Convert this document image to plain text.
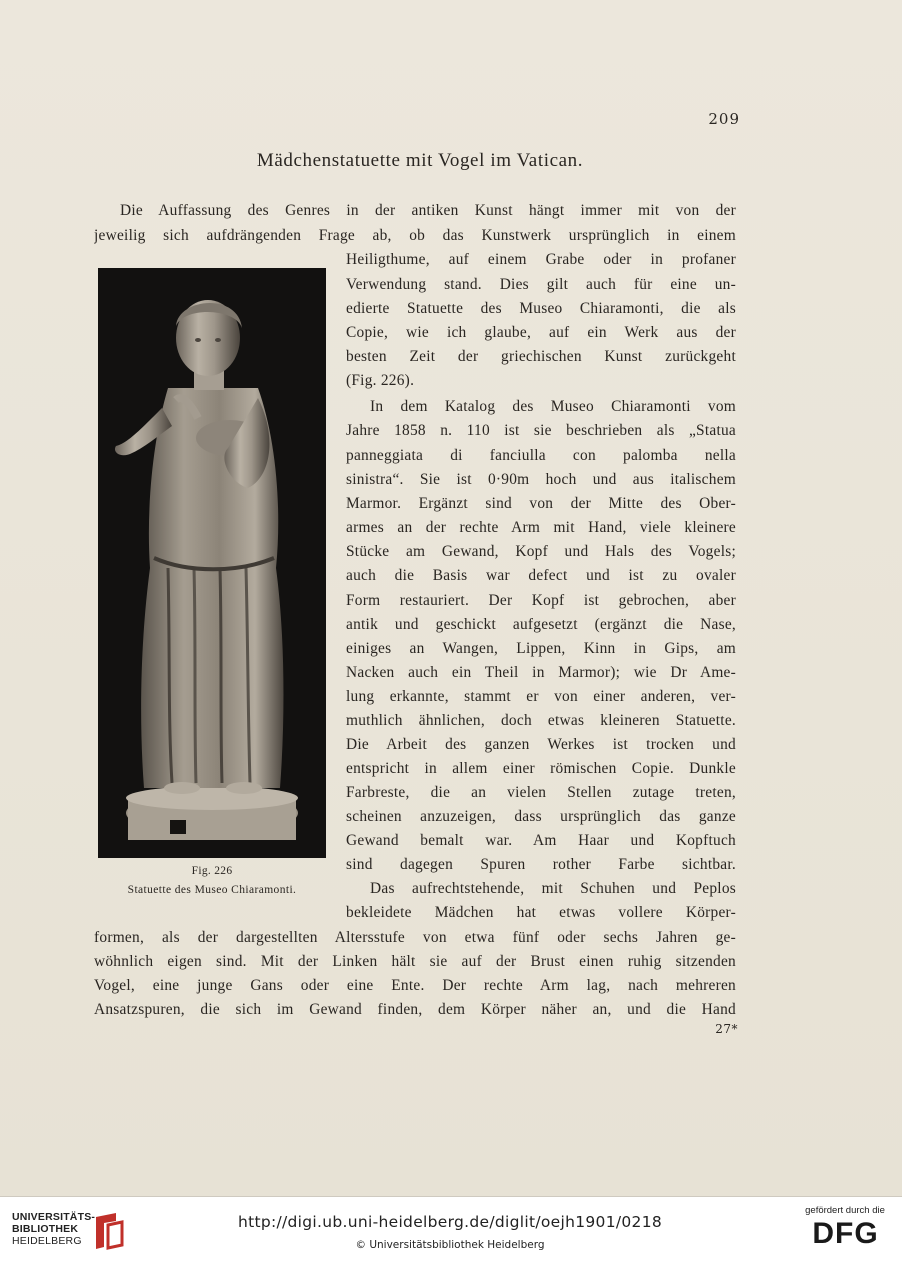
209
Mädchenstatuette mit Vogel im Vatican.
Die Auffassung des Genres in der antiken Kunst hängt immer mit von der
jeweilig sich aufdrängenden Frage ab, ob das Kunstwerk ursprünglich in einem
Heiligthume, auf einem Grabe oder in profaner
Verwendung stand. Dies gilt auch für eine un-
edierte Statuette des Museo Chiaramonti, die als
Copie, wie ich glaube, auf ein Werk aus der
besten Zeit der griechischen Kunst zurückgeht
(Fig. 226).
In dem Katalog des Museo Chiaramonti vom
Jahre 1858 n. 110 ist sie beschrieben als „Statua
panneggiata di fanciulla con palomba nella
sinistra“. Sie ist 0·90m hoch und aus italischem
Marmor. Ergänzt sind von der Mitte des Ober-
armes an der rechte Arm mit Hand, viele kleinere
Stücke am Gewand, Kopf und Hals des Vogels;
auch die Basis war defect und ist zu ovaler
Form restauriert. Der Kopf ist gebrochen, aber
antik und geschickt aufgesetzt (ergänzt die Nase,
einiges an Wangen, Lippen, Kinn in Gips, am
Nacken auch ein Theil in Marmor); wie Dr Ame-
lung erkannte, stammt er von einer anderen, ver-
muthlich ähnlichen, doch etwas kleineren Statuette.
Die Arbeit des ganzen Werkes ist trocken und
entspricht in allem einer römischen Copie. Dunkle
Farbreste, die an vielen Stellen zutage treten,
scheinen anzuzeigen, dass ursprünglich das ganze
Gewand bemalt war. Am Haar und Kopftuch
sind dagegen Spuren rother Farbe sichtbar.
Das aufrechtstehende, mit Schuhen und Peplos
bekleidete Mädchen hat etwas vollere Körper-
formen, als der dargestellten Altersstufe von etwa fünf oder sechs Jahren ge-
wöhnlich eigen sind. Mit der Linken hält sie auf der Brust einen ruhig sitzenden
Vogel, eine junge Gans oder eine Ente. Der rechte Arm lag, nach mehreren
Ansatzspuren, die sich im Gewand finden, dem Körper näher an, und die Hand
27*
Fig. 226
Statuette des Museo Chiaramonti.
UNIVERSITÄTS-
BIBLIOTHEK
HEIDELBERG
http://digi.ub.uni-heidelberg.de/diglit/oejh1901/0218
© Universitätsbibliothek Heidelberg
gefördert durch die
DFG
